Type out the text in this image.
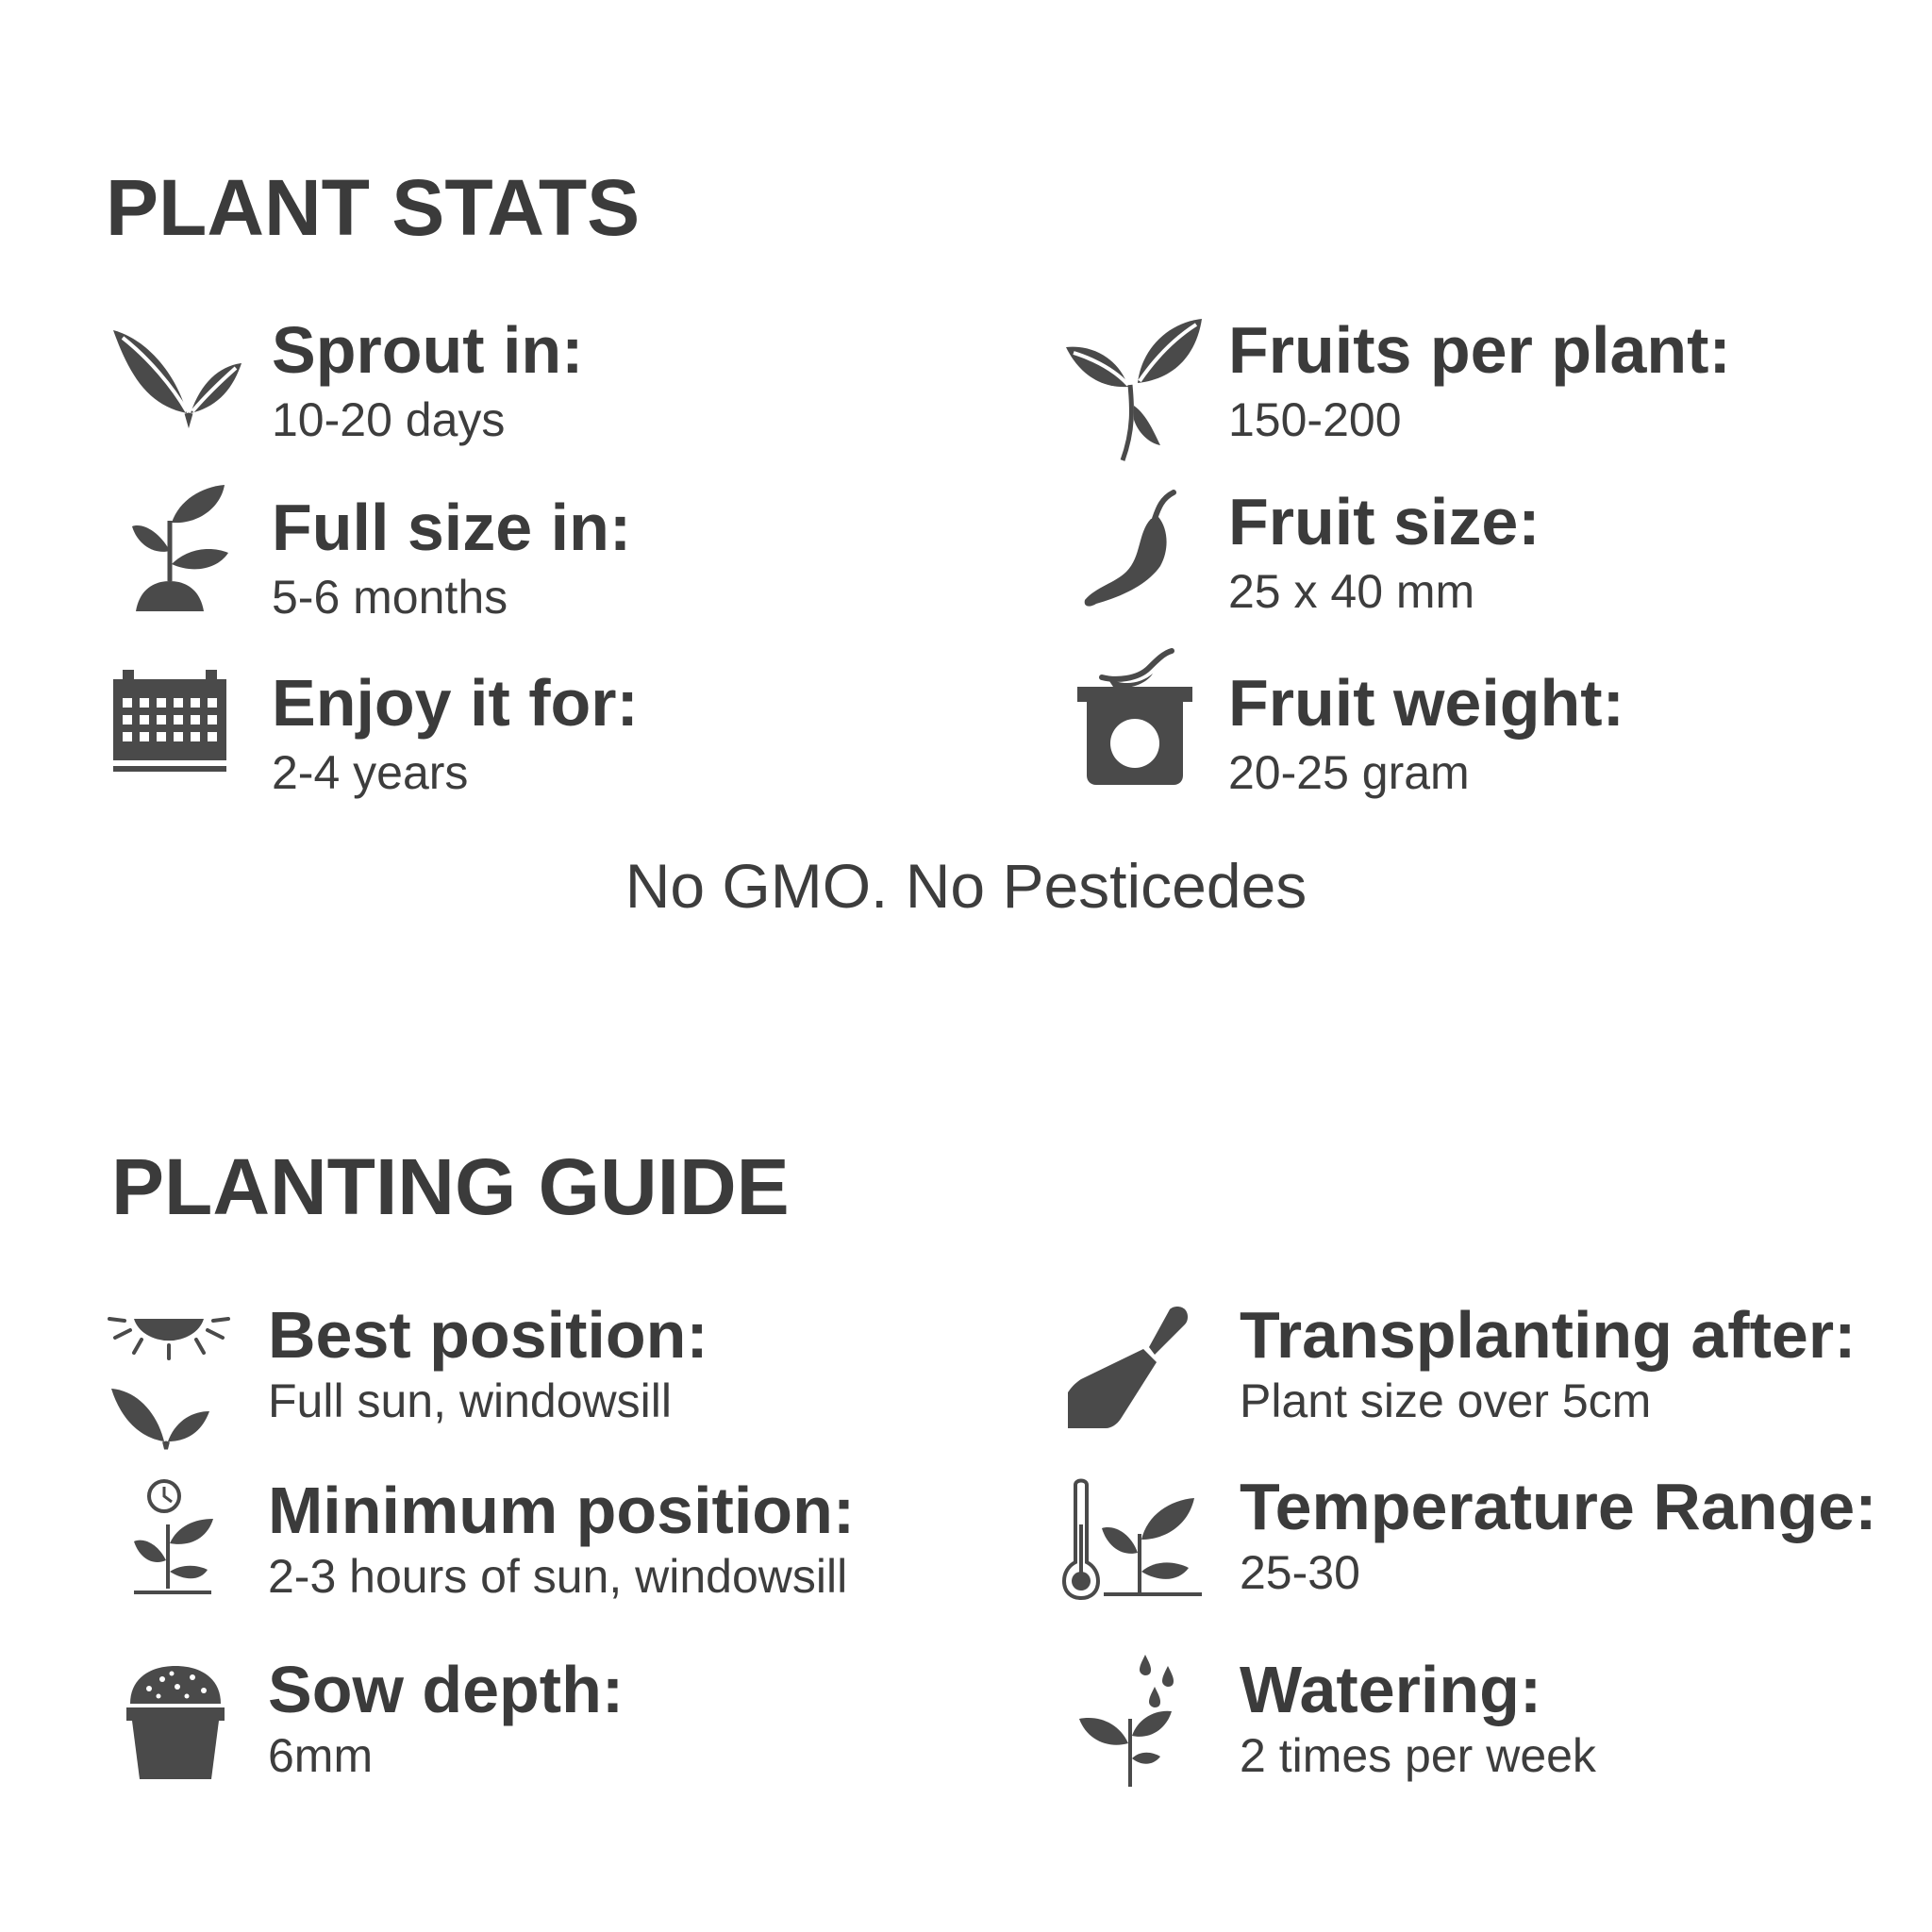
PLANT STATS
Sprout in:
10-20 days
Fruits per plant:
150-200
Full size in:
5-6 months
Fruit size:
25 x 40 mm
Enjoy it for:
2-4 years
Fruit weight:
20-25 gram

No GMO. No Pesticedes

PLANTING GUIDE
Best position:
Full sun, windowsill
Transplanting after:
Plant size over 5cm
Minimum position:
2-3 hours of sun, windowsill
Temperature Range:
25-30
Sow depth:
6mm
Watering:
2 times per week
